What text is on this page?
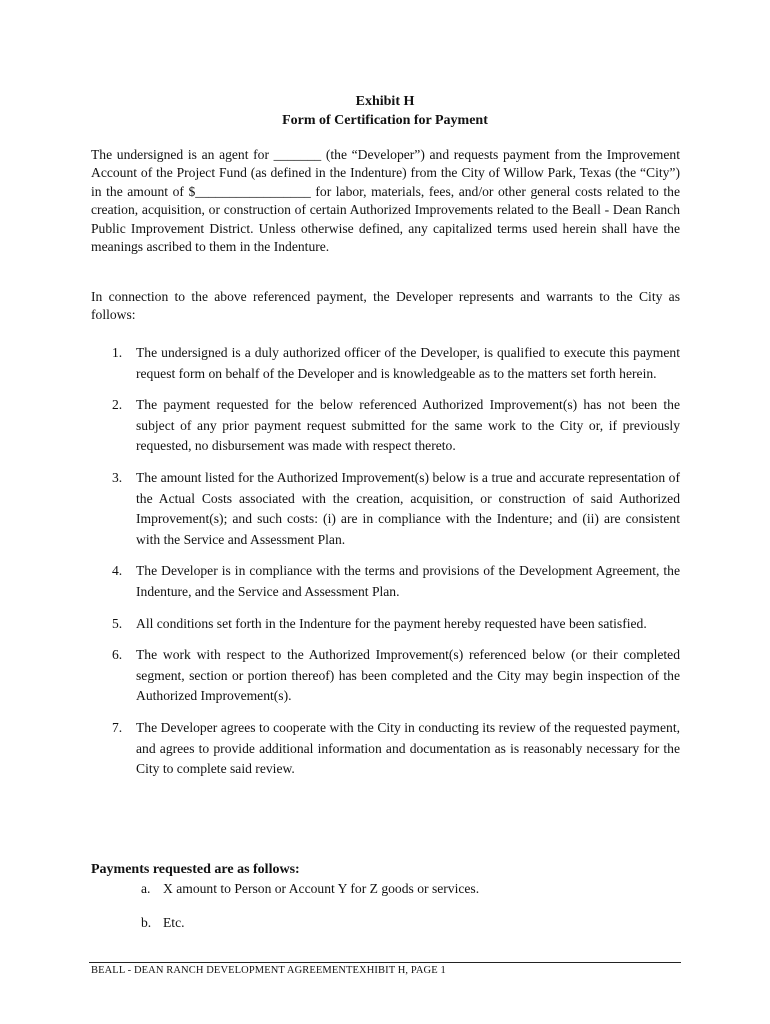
Exhibit H
Form of Certification for Payment

The undersigned is an agent for _______ (the “Developer”) and requests payment from the Improvement Account of the Project Fund (as defined in the Indenture) from the City of Willow Park, Texas (the “City”) in the amount of $_________________ for labor, materials, fees, and/or other general costs related to the creation, acquisition, or construction of certain Authorized Improvements related to the Beall - Dean Ranch Public Improvement District. Unless otherwise defined, any capitalized terms used herein shall have the meanings ascribed to them in the Indenture.

In connection to the above referenced payment, the Developer represents and warrants to the City as follows:

1. The undersigned is a duly authorized officer of the Developer, is qualified to execute this payment request form on behalf of the Developer and is knowledgeable as to the matters set forth herein.
2. The payment requested for the below referenced Authorized Improvement(s) has not been the subject of any prior payment request submitted for the same work to the City or, if previously requested, no disbursement was made with respect thereto.
3. The amount listed for the Authorized Improvement(s) below is a true and accurate representation of the Actual Costs associated with the creation, acquisition, or construction of said Authorized Improvement(s); and such costs: (i) are in compliance with the Indenture; and (ii) are consistent with the Service and Assessment Plan.
4. The Developer is in compliance with the terms and provisions of the Development Agreement, the Indenture, and the Service and Assessment Plan.
5. All conditions set forth in the Indenture for the payment hereby requested have been satisfied.
6. The work with respect to the Authorized Improvement(s) referenced below (or their completed segment, section or portion thereof) has been completed and the City may begin inspection of the Authorized Improvement(s).
7. The Developer agrees to cooperate with the City in conducting its review of the requested payment, and agrees to provide additional information and documentation as is reasonably necessary for the City to complete said review.
Payments requested are as follows:
a. X amount to Person or Account Y for Z goods or services.
b. Etc.
BEALL - DEAN RANCH DEVELOPMENT AGREEMENTEXHIBIT H, PAGE 1
